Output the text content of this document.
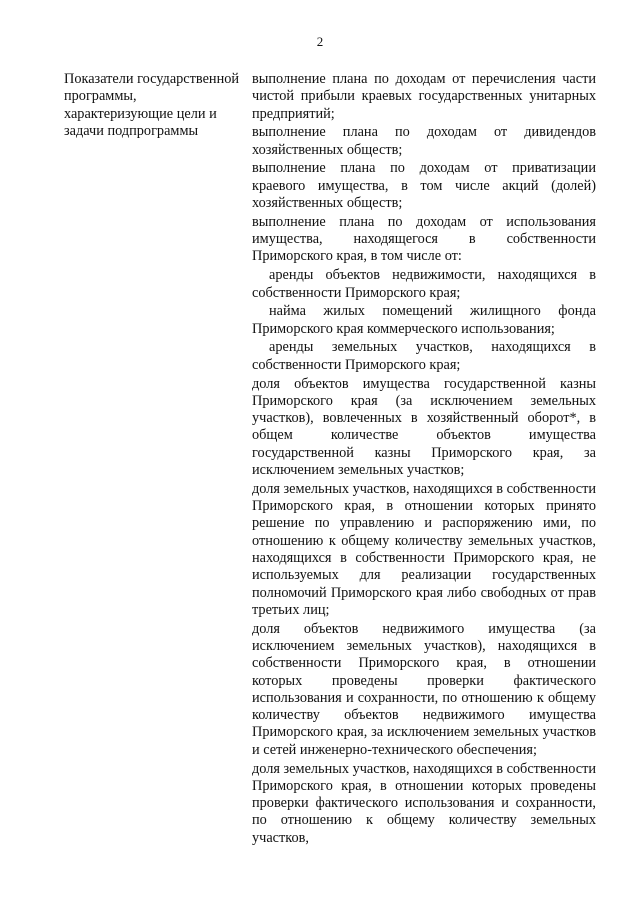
2
Показатели государственной программы, характеризующие цели и задачи подпрограммы

выполнение плана по доходам от перечисления части чистой прибыли краевых государственных унитарных предприятий;

выполнение плана по доходам от дивидендов хозяйственных обществ;

выполнение плана по доходам от приватизации краевого имущества, в том числе акций (долей) хозяйственных обществ;

выполнение плана по доходам от использования имущества, находящегося в собственности Приморского края, в том числе от:

аренды объектов недвижимости, находящихся в собственности Приморского края;

найма жилых помещений жилищного фонда Приморского края коммерческого использования;

аренды земельных участков, находящихся в собственности Приморского края;

доля объектов имущества государственной казны Приморского края (за исключением земельных участков), вовлеченных в хозяйственный оборот*, в общем количестве объектов имущества государственной казны Приморского края, за исключением земельных участков;

доля земельных участков, находящихся в собственности Приморского края, в отношении которых принято решение по управлению и распоряжению ими, по отношению к общему количеству земельных участков, находящихся в собственности Приморского края, не используемых для реализации государственных полномочий Приморского края либо свободных от прав третьих лиц;

доля объектов недвижимого имущества (за исключением земельных участков), находящихся в собственности Приморского края, в отношении которых проведены проверки фактического использования и сохранности, по отношению к общему количеству объектов недвижимого имущества Приморского края, за исключением земельных участков и сетей инженерно-технического обеспечения;

доля земельных участков, находящихся в собственности Приморского края, в отношении которых проведены проверки фактического использования и сохранности, по отношению к общему количеству земельных участков,
